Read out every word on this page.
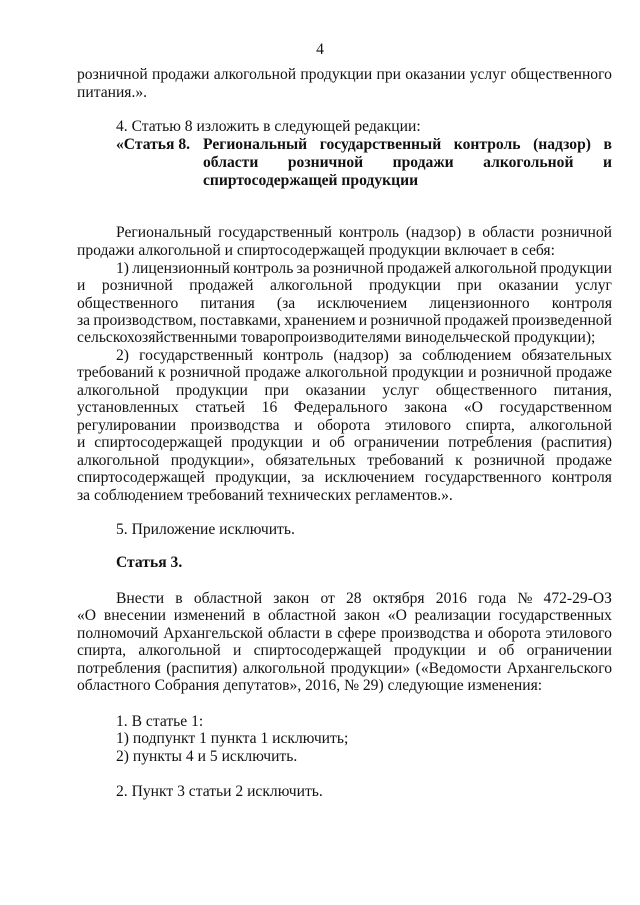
4
розничной продажи алкогольной продукции при оказании услуг общественного
питания.».
4. Статью 8 изложить в следующей редакции:
«Статья 8. Региональный государственный контроль (надзор) в
области розничной продажи алкогольной и
спиртосодержащей продукции
Региональный государственный контроль (надзор) в области розничной
продажи алкогольной и спиртосодержащей продукции включает в себя:
1) лицензионный контроль за розничной продажей алкогольной продукции
и розничной продажей алкогольной продукции при оказании услуг
общественного питания (за исключением лицензионного контроля
за производством, поставками, хранением и розничной продажей произведенной
сельскохозяйственными товаропроизводителями винодельческой продукции);
2) государственный контроль (надзор) за соблюдением обязательных
требований к розничной продаже алкогольной продукции и розничной продаже
алкогольной продукции при оказании услуг общественного питания,
установленных статьей 16 Федерального закона «О государственном
регулировании производства и оборота этилового спирта, алкогольной
и спиртосодержащей продукции и об ограничении потребления (распития)
алкогольной продукции», обязательных требований к розничной продаже
спиртосодержащей продукции, за исключением государственного контроля
за соблюдением требований технических регламентов.».
5. Приложение исключить.
Статья 3.
Внести в областной закон от 28 октября 2016 года № 472-29-ОЗ
«О внесении изменений в областной закон «О реализации государственных
полномочий Архангельской области в сфере производства и оборота этилового
спирта, алкогольной и спиртосодержащей продукции и об ограничении
потребления (распития) алкогольной продукции» («Ведомости Архангельского
областного Собрания депутатов», 2016, № 29) следующие изменения:
1. В статье 1:
1) подпункт 1 пункта 1 исключить;
2) пункты 4 и 5 исключить.
2. Пункт 3 статьи 2 исключить.
